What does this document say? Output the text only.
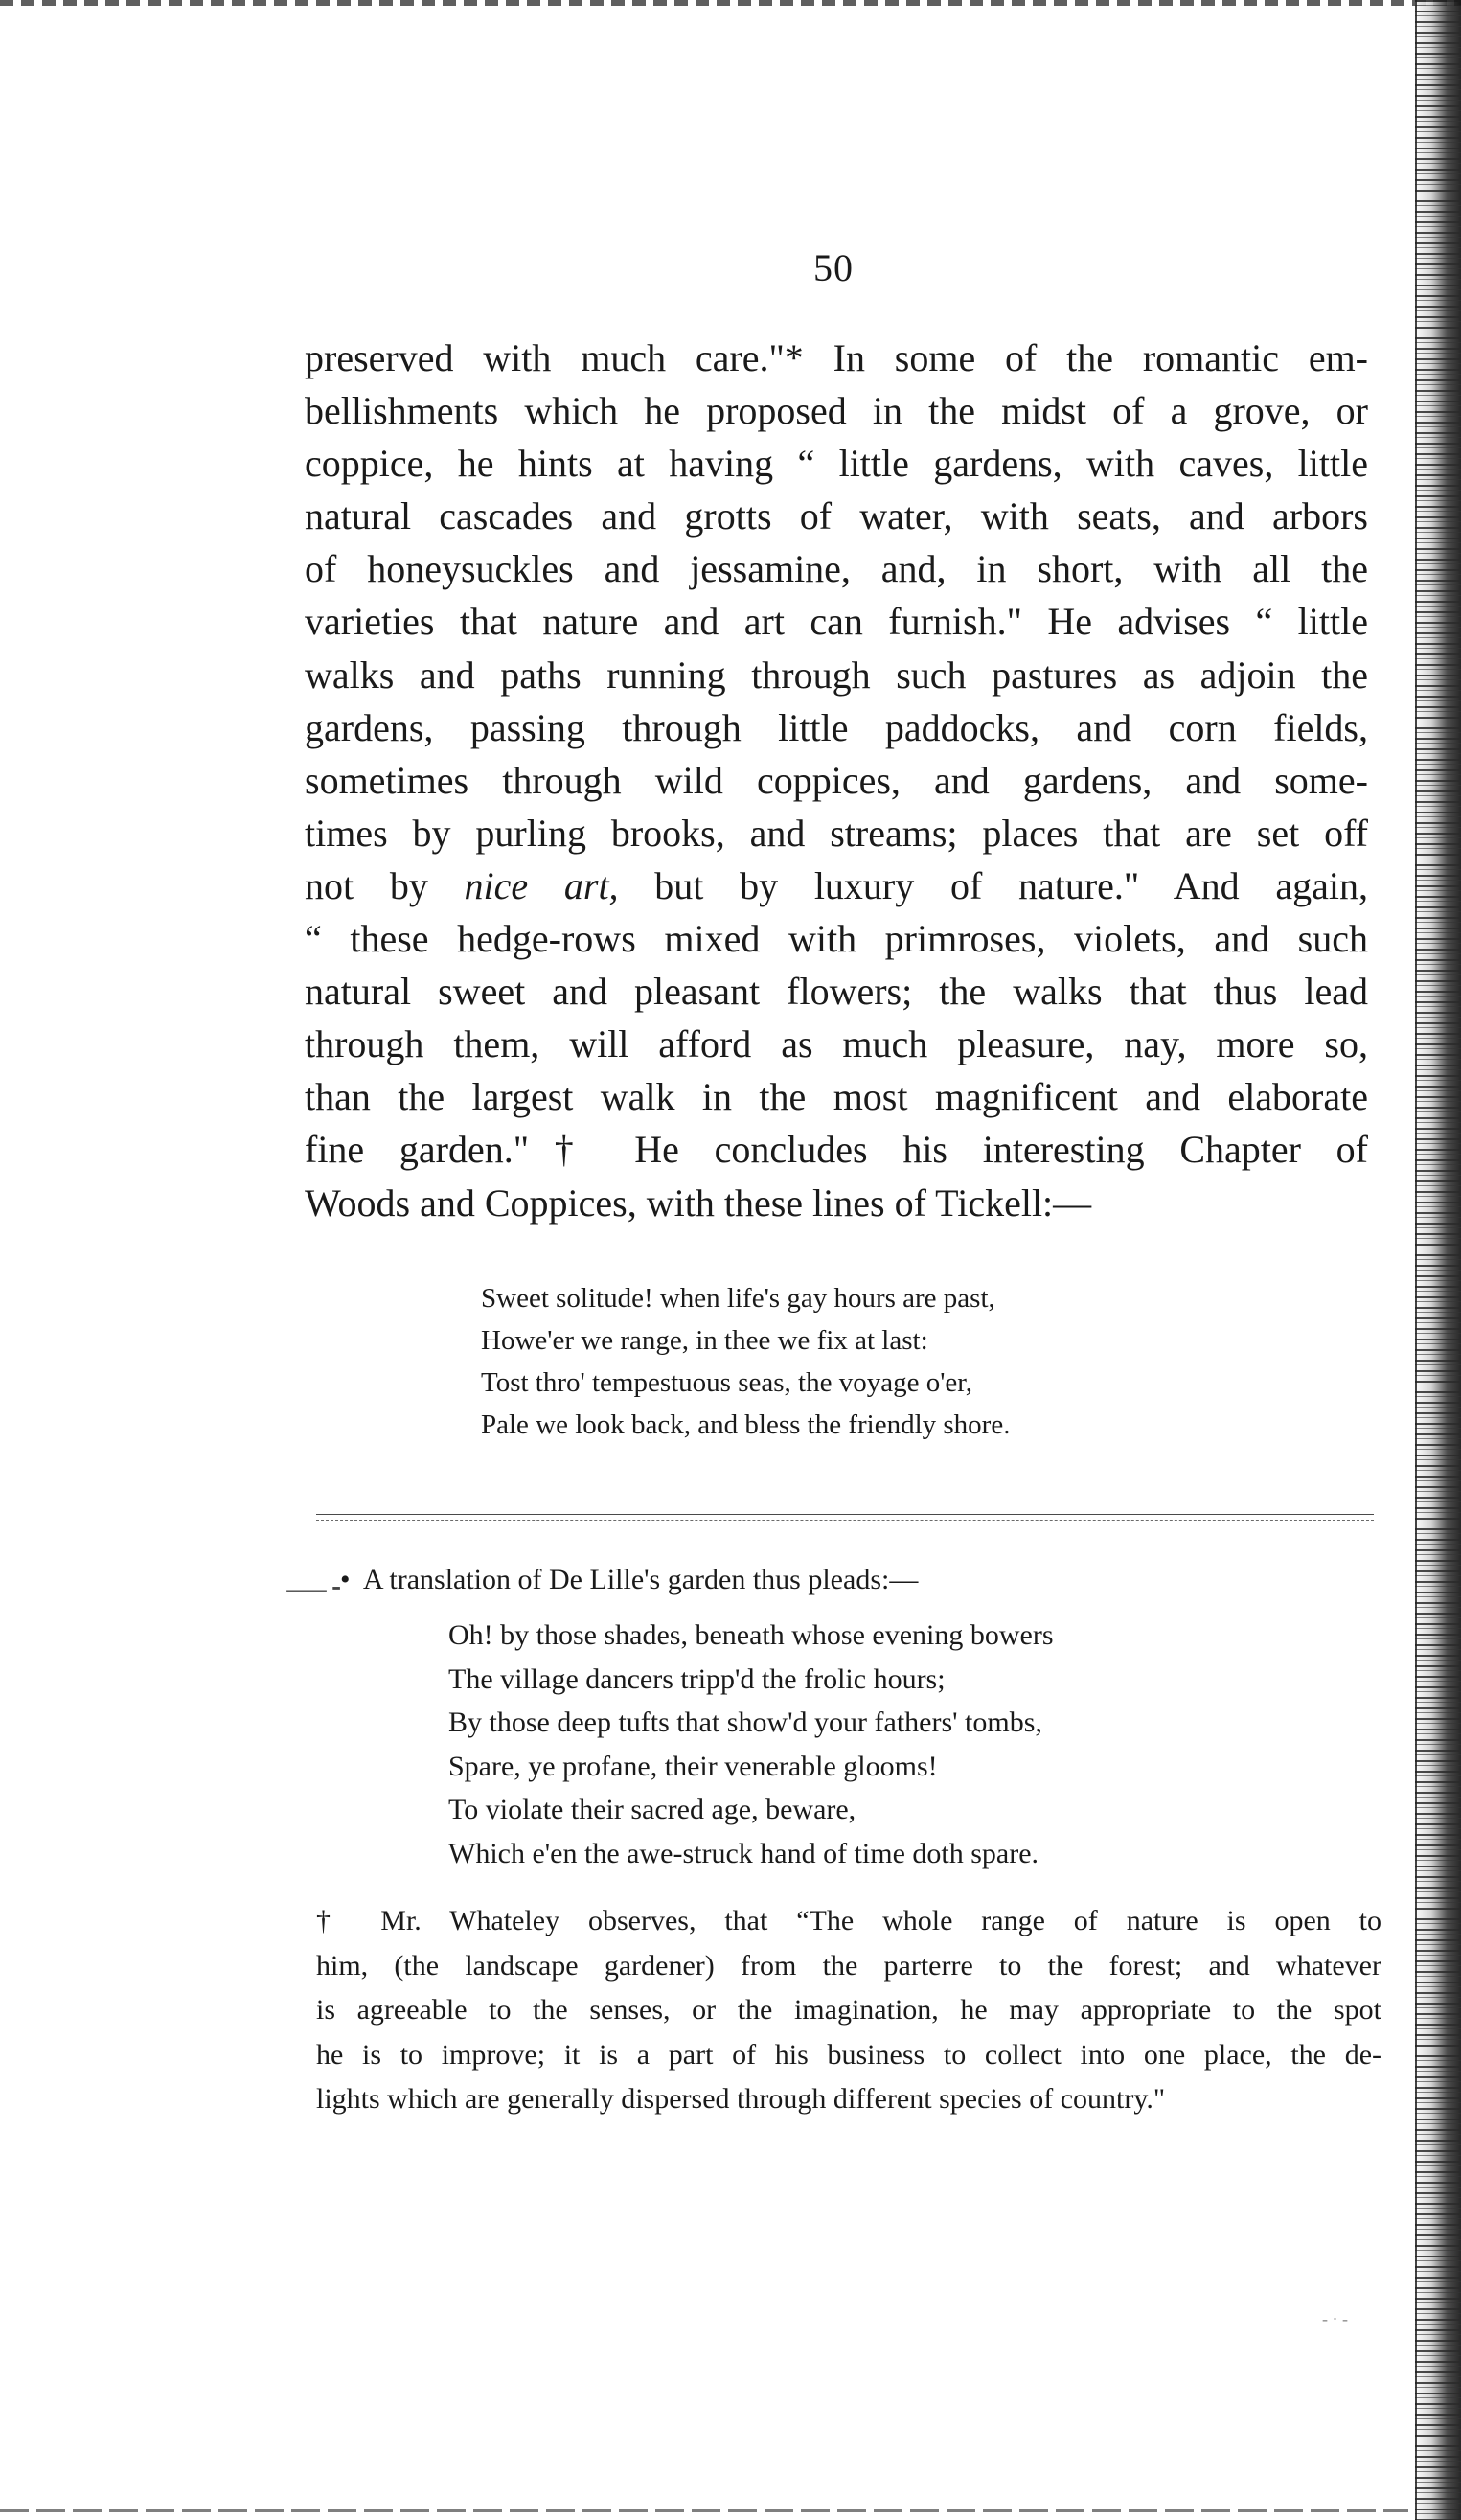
50
preserved with much care."* In some of the romantic em-
bellishments which he proposed in the midst of a grove, or
coppice, he hints at having “ little gardens, with caves, little
natural cascades and grotts of water, with seats, and arbors
of honeysuckles and jessamine, and, in short, with all the
varieties that nature and art can furnish." He advises “ little
walks and paths running through such pastures as adjoin the
gardens, passing through little paddocks, and corn fields,
sometimes through wild coppices, and gardens, and some-
times by purling brooks, and streams; places that are set off
not by nice art, but by luxury of nature." And again,
“ these hedge-rows mixed with primroses, violets, and such
natural sweet and pleasant flowers; the walks that thus lead
through them, will afford as much pleasure, nay, more so,
than the largest walk in the most magnificent and elaborate
fine garden."† He concludes his interesting Chapter of
Woods and Coppices, with these lines of Tickell:—
Sweet solitude! when life's gay hours are past,
Howe'er we range, in thee we fix at last:
Tost thro' tempestuous seas, the voyage o'er,
Pale we look back, and bless the friendly shore.
⸺ ⁃ • A translation of De Lille's garden thus pleads:—
Oh! by those shades, beneath whose evening bowers
The village dancers tripp'd the frolic hours;
By those deep tufts that show'd your fathers' tombs,
Spare, ye profane, their venerable glooms!
To violate their sacred age, beware,
Which e'en the awe-struck hand of time doth spare.
† Mr. Whateley observes, that “The whole range of nature is open to
him, (the landscape gardener) from the parterre to the forest; and whatever
is agreeable to the senses, or the imagination, he may appropriate to the spot
he is to improve; it is a part of his business to collect into one place, the de-
lights which are generally dispersed through different species of country."
- · -
